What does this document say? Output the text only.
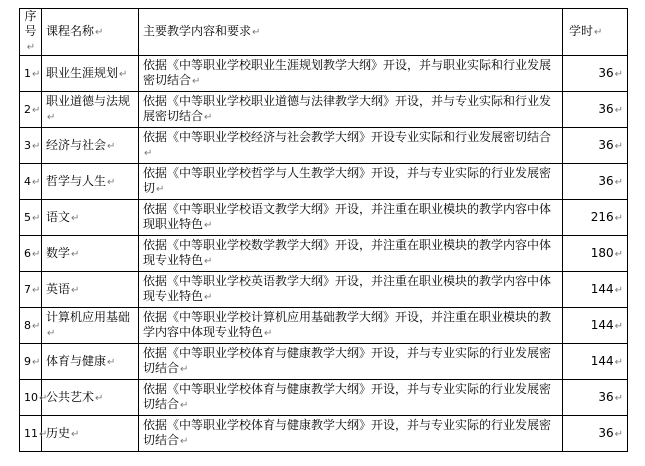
序号↵	课程名称↵	主要教学内容和要求↵	学时↵
1↵	职业生涯规划↵	依据《中等职业学校职业生涯规划教学大纲》开设，并与职业实际和行业发展密切结合↵	36↵
2↵	职业道德与法规↵	依据《中等职业学校职业道德与法律教学大纲》开设，并与专业实际和行业发展密切结合↵	36↵
3↵	经济与社会↵	依据《中等职业学校经济与社会教学大纲》开设专业实际和行业发展密切结合↵	36↵
4↵	哲学与人生↵	依据《中等职业学校哲学与人生教学大纲》开设，并与专业实际的行业发展密切↵	36↵
5↵	语文↵	依据《中等职业学校语文教学大纲》开设，并注重在职业模块的教学内容中体现职业特色↵	216↵
6↵	数学↵	依据《中等职业学校数学教学大纲》开设，并注重在职业模块的教学内容中体现专业特色↵	180↵
7↵	英语↵	依据《中等职业学校英语教学大纲》开设，并注重在职业模块的教学内容中体现专业特色↵	144↵
8↵	计算机应用基础↵	依据《中等职业学校计算机应用基础教学大纲》开设，并注重在职业模块的教学内容中体现专业特色↵	144↵
9↵	体育与健康↵	依据《中等职业学校体育与健康教学大纲》开设，并与专业实际的行业发展密切结合↵	144↵
10↵	公共艺术↵	依据《中等职业学校体育与健康教学大纲》开设，并与专业实际的行业发展密切结合↵	36↵
11↵	历史↵	依据《中等职业学校体育与健康教学大纲》开设，并与专业实际的行业发展密切结合↵	36↵
